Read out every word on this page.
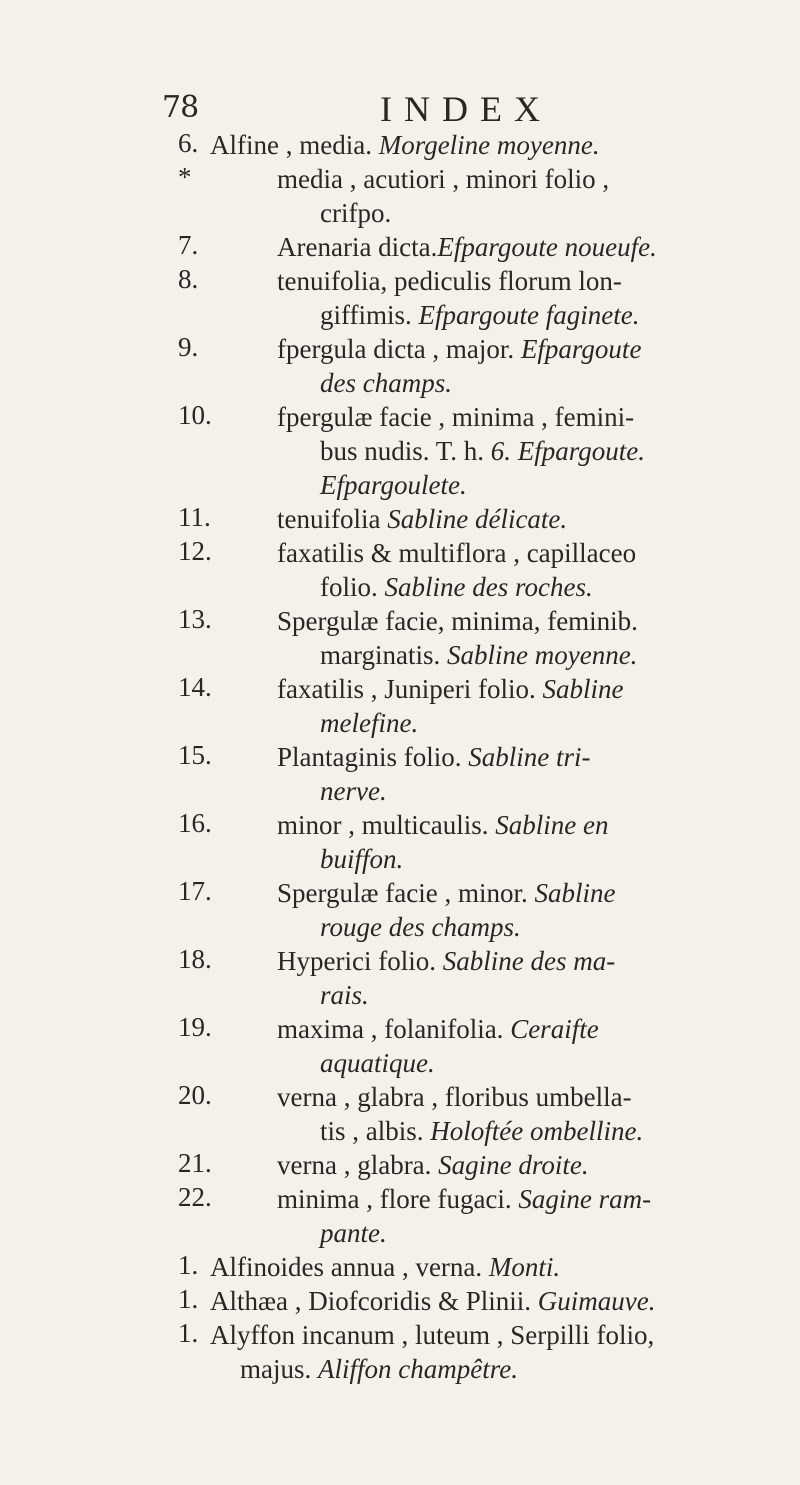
78	INDEX
6. Alfine , media. Morgeline moyenne.
*	media , acutiori , minori folio ,
crifpo.
7.	Arenaria dicta.Efpargoute noueufe.
8.	tenuifolia, pediculis florum lon-
giffimis. Efpargoute faginete.
9.	fpergula dicta , major. Efpargoute
des champs.
10. fpergulæ facie , minima , femini-
bus nudis. T. h. 6. Efpargoute.
Efpargoulete.
11. tenuifolia Sabline délicate.
12. faxatilis & multiflora , capillaceo
folio. Sabline des roches.
13. Spergulæ facie, minima, feminib.
marginatis. Sabline moyenne.
14. faxatilis , Juniperi folio. Sabline
melefine.
15. Plantaginis folio. Sabline tri-
nerve.
16. minor , multicaulis. Sabline en
buiffon.
17. Spergulæ facie , minor. Sabline
rouge des champs.
18. Hyperici folio. Sabline des ma-
rais.
19. maxima , folanifolia. Ceraifte
aquatique.
20. verna , glabra , floribus umbella-
tis , albis. Holoftée ombelline.
21. verna , glabra. Sagine droite.
22. minima , flore fugaci. Sagine ram-
pante.
1. Alfinoides annua , verna. Monti.
1. Althæa , Diofcoridis & Plinii. Guimauve.
1. Alyffon incanum , luteum , Serpilli folio,
majus. Aliffon champêtre.
